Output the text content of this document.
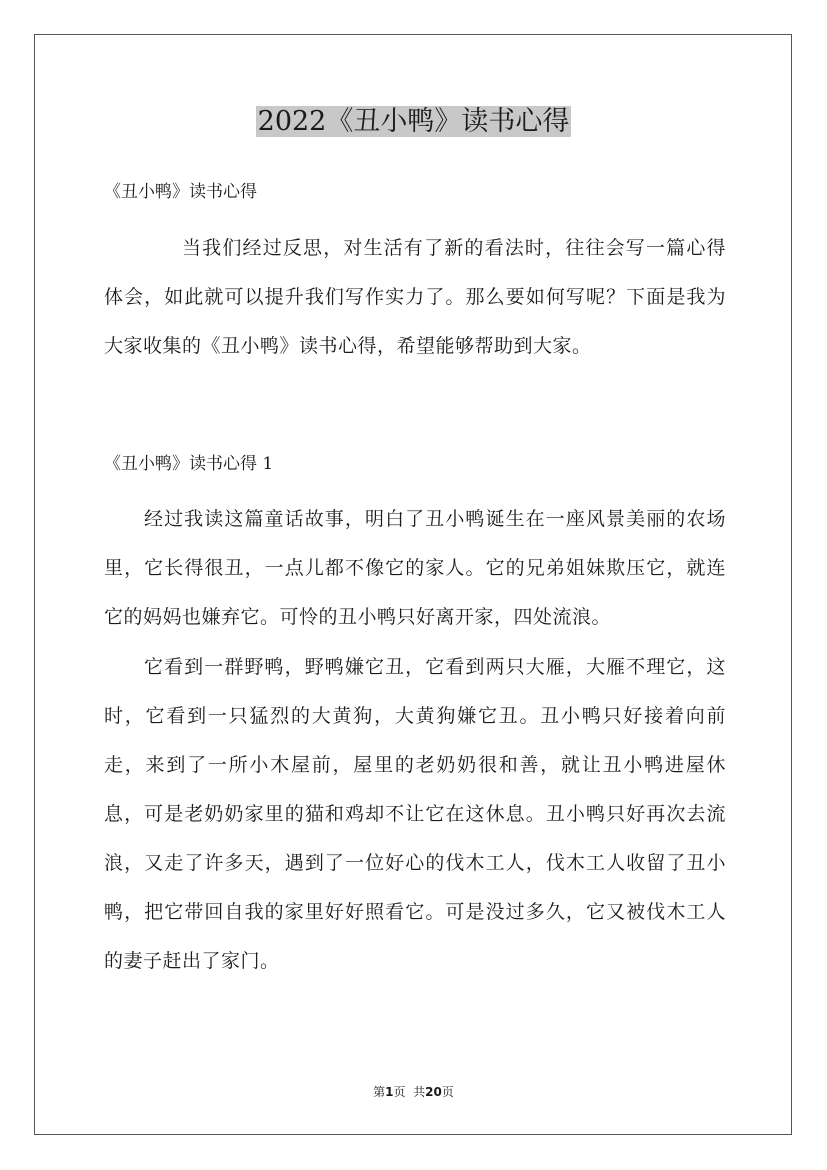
2022《丑小鸭》读书心得

《丑小鸭》读书心得

当我们经过反思，对生活有了新的看法时，往往会写一篇心得体会，如此就可以提升我们写作实力了。那么要如何写呢？下面是我为大家收集的《丑小鸭》读书心得，希望能够帮助到大家。

《丑小鸭》读书心得 1

经过我读这篇童话故事，明白了丑小鸭诞生在一座风景美丽的农场里，它长得很丑，一点儿都不像它的家人。它的兄弟姐妹欺压它，就连它的妈妈也嫌弃它。可怜的丑小鸭只好离开家，四处流浪。

它看到一群野鸭，野鸭嫌它丑，它看到两只大雁，大雁不理它，这时，它看到一只猛烈的大黄狗，大黄狗嫌它丑。丑小鸭只好接着向前走，来到了一所小木屋前，屋里的老奶奶很和善，就让丑小鸭进屋休息，可是老奶奶家里的猫和鸡却不让它在这休息。丑小鸭只好再次去流浪，又走了许多天，遇到了一位好心的伐木工人，伐木工人收留了丑小鸭，把它带回自我的家里好好照看它。可是没过多久，它又被伐木工人的妻子赶出了家门。

第1页 共20页
